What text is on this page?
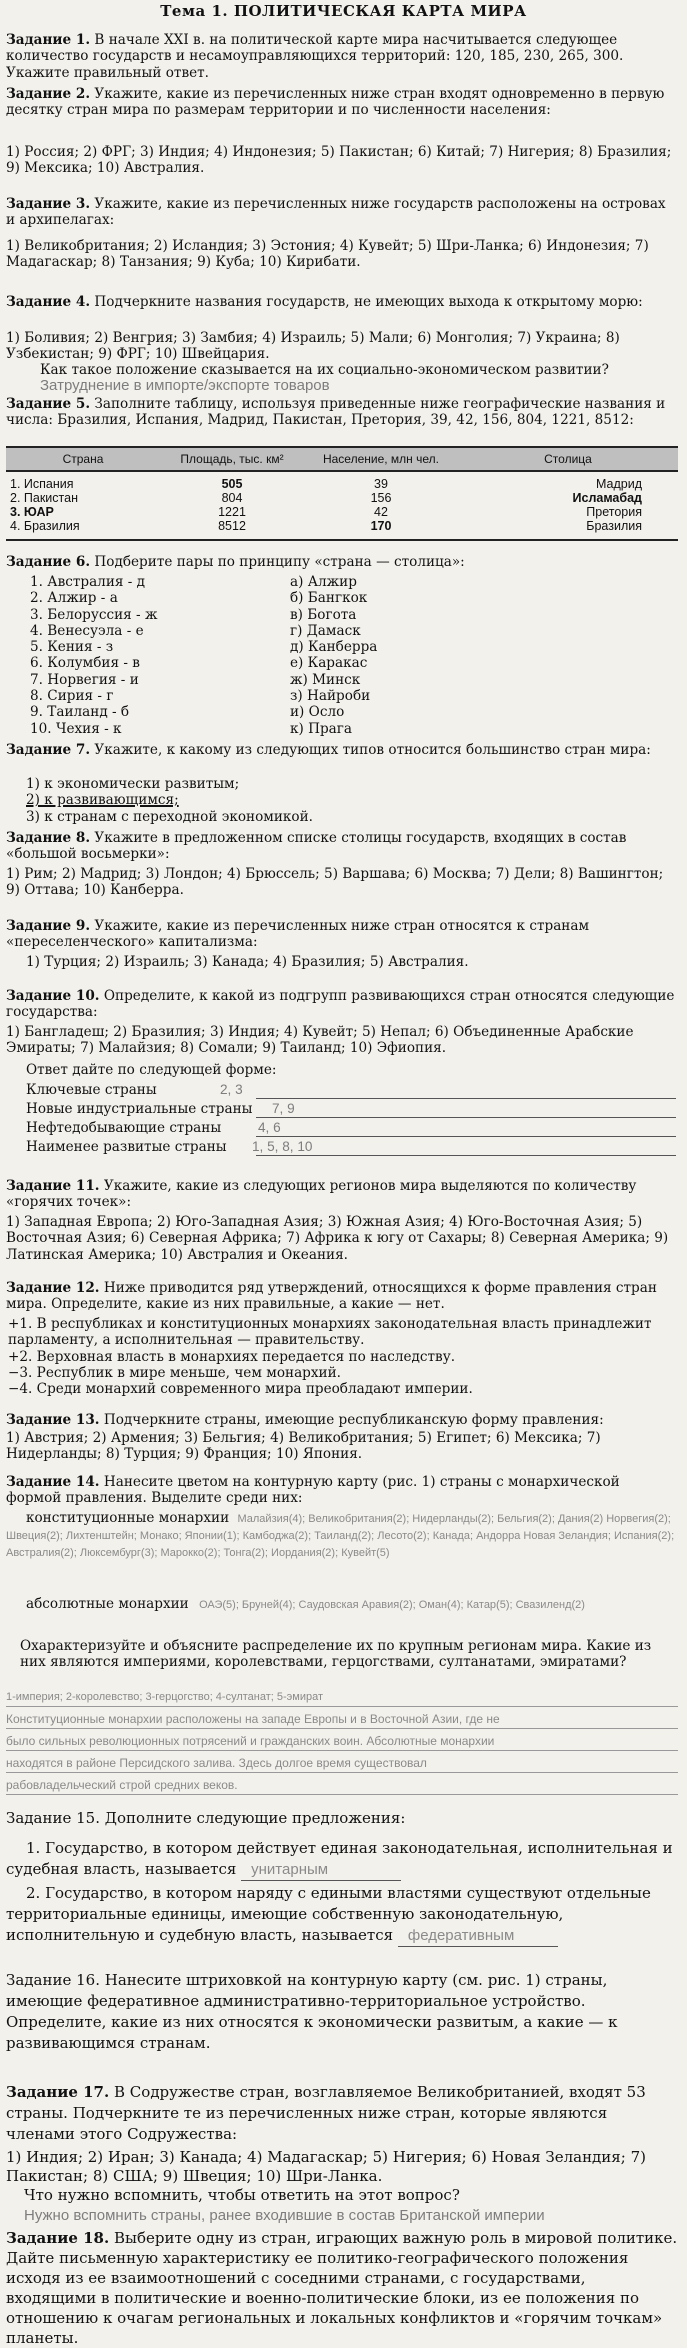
Тема 1. ПОЛИТИЧЕСКАЯ КАРТА МИРА
Задание 1. В начале XXI в. на политической карте мира насчитывается следующее количество государств и несамоуправляющихся территорий: 120, 185, 230, 265, 300. Укажите правильный ответ.
Задание 2. Укажите, какие из перечисленных ниже стран входят одновременно в первую десятку стран мира по размерам территории и по численности населения:
1) Россия; 2) ФРГ; 3) Индия; 4) Индонезия; 5) Пакистан; 6) Китай; 7) Нигерия; 8) Бразилия; 9) Мексика; 10) Австралия.
Задание 3. Укажите, какие из перечисленных ниже государств расположены на островах и архипелагах:
1) Великобритания; 2) Исландия; 3) Эстония; 4) Кувейт; 5) Шри-Ланка; 6) Индонезия; 7) Мадагаскар; 8) Танзания; 9) Куба; 10) Кирибати.
Задание 4. Подчеркните названия государств, не имеющих выхода к открытому морю:
1) Боливия; 2) Венгрия; 3) Замбия; 4) Израиль; 5) Мали; 6) Монголия; 7) Украина; 8) Узбекистан; 9) ФРГ; 10) Швейцария.
Как такое положение сказывается на их социально-экономическом развитии?
Затруднение в импорте/экспорте товаров
Задание 5. Заполните таблицу, используя приведенные ниже географические названия и числа: Бразилия, Испания, Мадрид, Пакистан, Претория, 39, 42, 156, 804, 1221, 8512:
Страна	Площадь, тыс. км²	Население, млн чел.	Столица

1. Испания	505	39	Мадрид
2. Пакистан	804	156	Исламабад
3. ЮАР	1221	42	Претория
4. Бразилия	8512	170	Бразилия

Задание 6. Подберите пары по принципу «страна — столица»:
1. Австралия - д	а) Алжир
2. Алжир - а	б) Бангкок
3. Белоруссия - ж	в) Богота
4. Венесуэла - е	г) Дамаск
5. Кения - з	д) Канберра
6. Колумбия - в	е) Каракас
7. Норвегия - и	ж) Минск
8. Сирия - г	з) Найроби
9. Таиланд - б	и) Осло
10. Чехия - к	к) Прага
Задание 7. Укажите, к какому из следующих типов относится большинство стран мира:
1) к экономически развитым;
2) к развивающимся;
3) к странам с переходной экономикой.
Задание 8. Укажите в предложенном списке столицы государств, входящих в состав «большой восьмерки»:
1) Рим; 2) Мадрид; 3) Лондон; 4) Брюссель; 5) Варшава; 6) Москва; 7) Дели; 8) Вашингтон; 9) Оттава; 10) Канберра.
Задание 9. Укажите, какие из перечисленных ниже стран относятся к странам «переселенческого» капитализма:
1) Турция; 2) Израиль; 3) Канада; 4) Бразилия; 5) Австралия.
Задание 10. Определите, к какой из подгрупп развивающихся стран относятся следующие государства:
1) Бангладеш; 2) Бразилия; 3) Индия; 4) Кувейт; 5) Непал; 6) Объединенные Арабские Эмираты; 7) Малайзия; 8) Сомали; 9) Таиланд; 10) Эфиопия.
Ответ дайте по следующей форме:
Ключевые страны	2, 3
Новые индустриальные страны 7, 9
Нефтедобывающие страны	4, 6
Наименее развитые страны 1, 5, 8, 10
Задание 11. Укажите, какие из следующих регионов мира выделяются по количеству «горячих точек»:
1) Западная Европа; 2) Юго-Западная Азия; 3) Южная Азия; 4) Юго-Восточная Азия; 5) Восточная Азия; 6) Северная Африка; 7) Африка к югу от Сахары; 8) Северная Америка; 9) Латинская Америка; 10) Австралия и Океания.
Задание 12. Ниже приводится ряд утверждений, относящихся к форме правления стран мира. Определите, какие из них правильные, а какие — нет.
+1. В республиках и конституционных монархиях законодательная власть принадлежит парламенту, а исполнительная — правительству.
+2. Верховная власть в монархиях передается по наследству.
−3. Республик в мире меньше, чем монархий.
−4. Среди монархий современного мира преобладают империи.
Задание 13. Подчеркните страны, имеющие республиканскую форму правления:
1) Австрия; 2) Армения; 3) Бельгия; 4) Великобритания; 5) Египет; 6) Мексика; 7) Нидерланды; 8) Турция; 9) Франция; 10) Япония.
Задание 14. Нанесите цветом на контурную карту (рис. 1) страны с монархической формой правления. Выделите среди них:
конституционные монархии Малайзия(4); Великобритания(2); Нидерланды(2); Бельгия(2); Дания(2) Норвегия(2); Швеция(2); Лихтенштейн; Монако; Японии(1); Камбоджа(2); Таиланд(2); Лесото(2); Канада; Андорра Новая Зеландия; Испания(2); Австралия(2); Люксембург(3); Марокко(2); Тонга(2); Иордания(2); Кувейт(5)
абсолютные монархии ОАЭ(5); Бруней(4); Саудовская Аравия(2); Оман(4); Катар(5); Свазиленд(2)
Охарактеризуйте и объясните распределение их по крупным регионам мира. Какие из них являются империями, королевствами, герцогствами, султанатами, эмиратами?
1-империя; 2-королевство; 3-герцогство; 4-султанат; 5-эмират
Конституционные монархии расположены на западе Европы и в Восточной Азии, где не
было сильных революционных потрясений и гражданских воин. Абсолютные монархии
находятся в районе Персидского залива. Здесь долгое время существовал
рабовладельческий строй средних веков.
Задание 15. Дополните следующие предложения:
1. Государство, в котором действует единая законодательная, исполнительная и судебная власть, называется унитарным
2. Государство, в котором наряду с едиными властями существуют отдельные территориальные единицы, имеющие собственную законодательную, исполнительную и судебную власть, называется федеративным
Задание 16. Нанесите штриховкой на контурную карту (см. рис. 1) страны, имеющие федеративное административно-территориальное устройство. Определите, какие из них относятся к экономически развитым, а какие — к развивающимся странам.
Задание 17. В Содружестве стран, возглавляемое Великобританией, входят 53 страны. Подчеркните те из перечисленных ниже стран, которые являются членами этого Содружества:
1) Индия; 2) Иран; 3) Канада; 4) Мадагаскар; 5) Нигерия; 6) Новая Зеландия; 7) Пакистан; 8) США; 9) Швеция; 10) Шри-Ланка.
Что нужно вспомнить, чтобы ответить на этот вопрос?
Нужно вспомнить страны, ранее входившие в состав Британской империи
Задание 18. Выберите одну из стран, играющих важную роль в мировой политике. Дайте письменную характеристику ее политико-географического положения исходя из ее взаимоотношений с соседними странами, с государствами, входящими в политические и военно-политические блоки, из ее положения по отношению к очагам региональных и локальных конфликтов и «горячим точкам» планеты.
